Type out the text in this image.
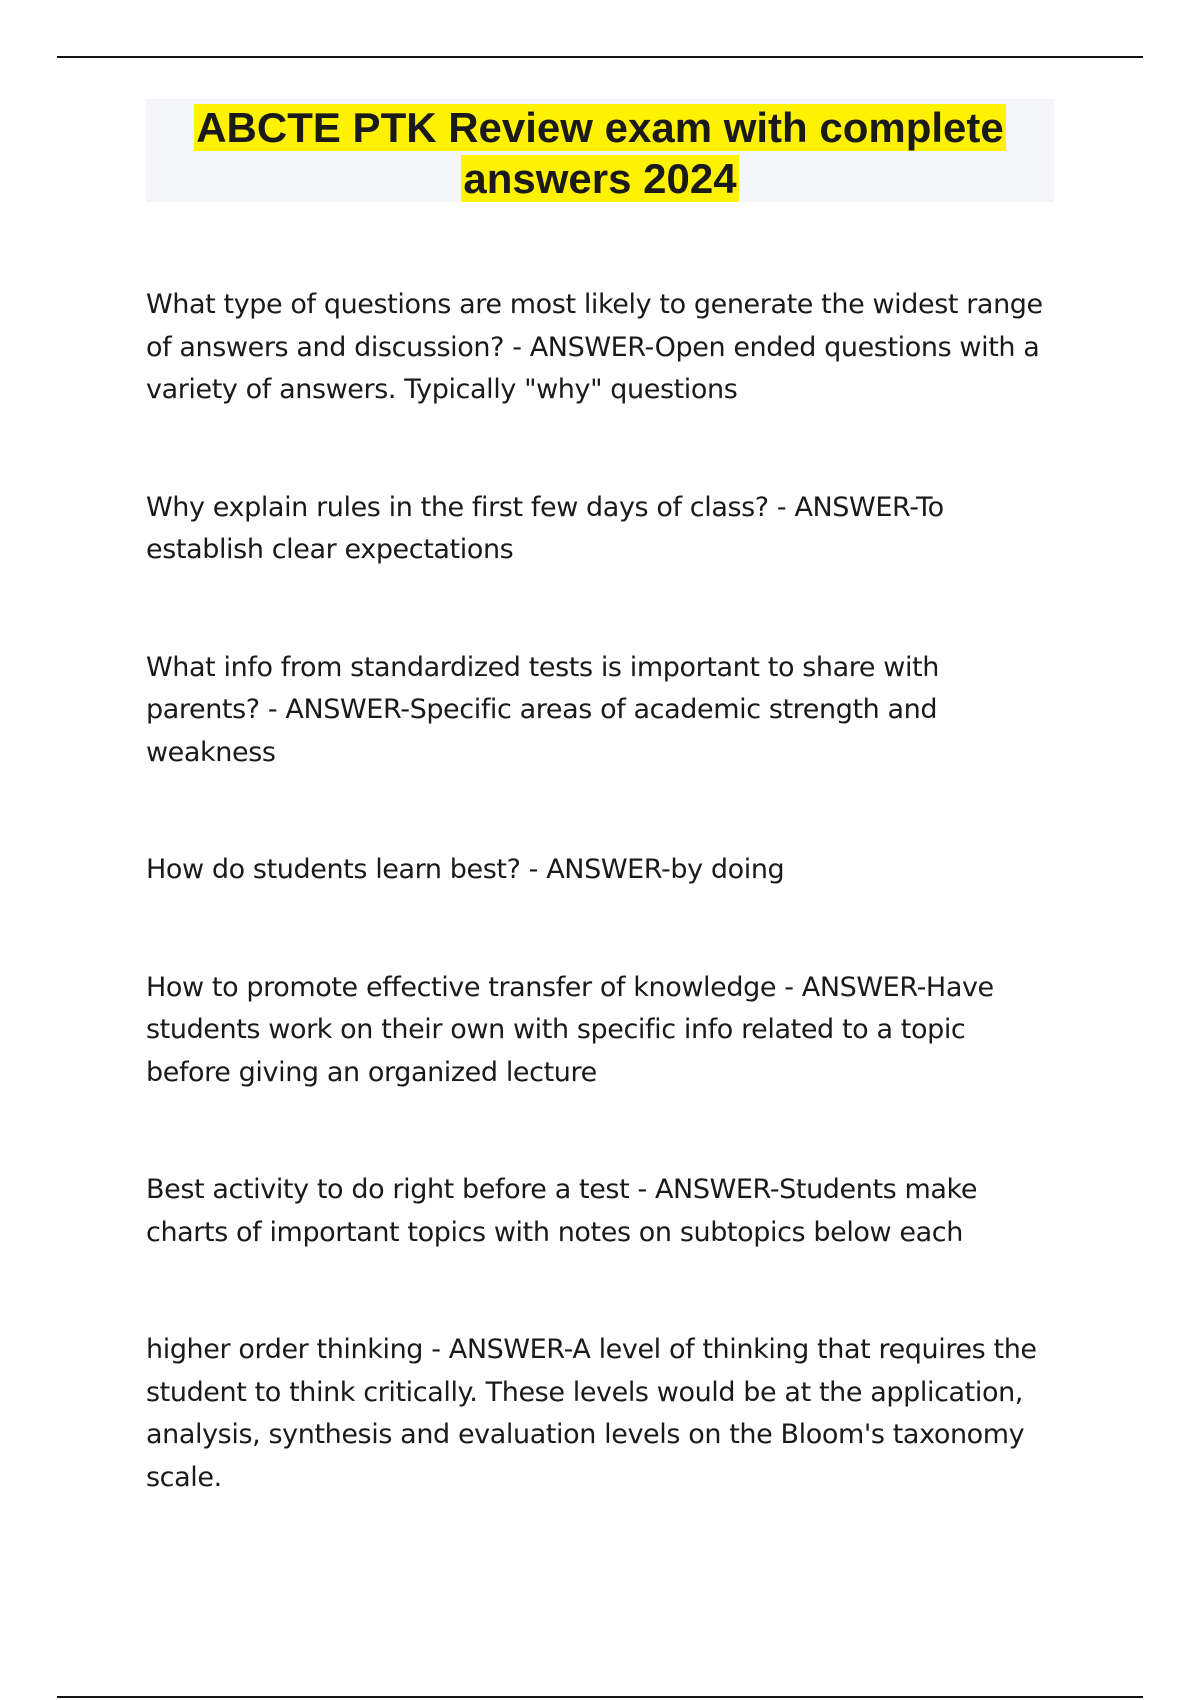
ABCTE PTK Review exam with complete answers 2024

What type of questions are most likely to generate the widest range of answers and discussion? - ANSWER-Open ended questions with a variety of answers. Typically "why" questions

Why explain rules in the first few days of class? - ANSWER-To establish clear expectations

What info from standardized tests is important to share with parents? - ANSWER-Specific areas of academic strength and weakness

How do students learn best? - ANSWER-by doing

How to promote effective transfer of knowledge - ANSWER-Have students work on their own with specific info related to a topic before giving an organized lecture

Best activity to do right before a test - ANSWER-Students make charts of important topics with notes on subtopics below each

higher order thinking - ANSWER-A level of thinking that requires the student to think critically. These levels would be at the application, analysis, synthesis and evaluation levels on the Bloom's taxonomy scale.
